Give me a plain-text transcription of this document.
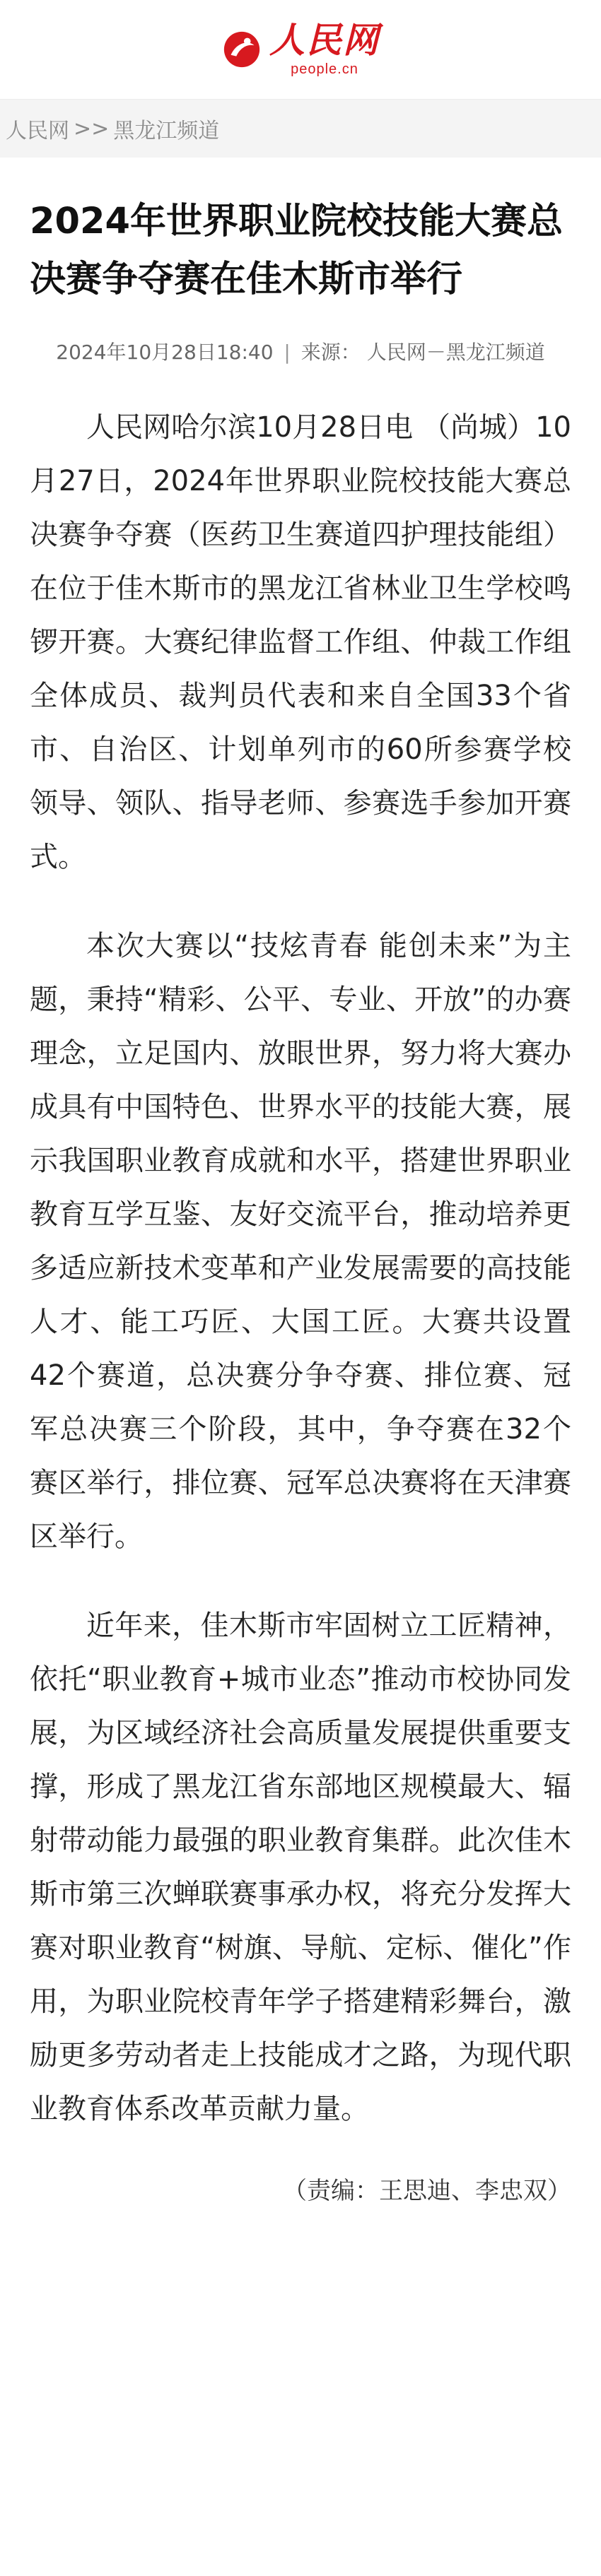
人民网
people.cn
人民网 >> 黑龙江频道
2024年世界职业院校技能大赛总决赛争夺赛在佳木斯市举行
2024年10月28日18:40 | 来源： 人民网－黑龙江频道

人民网哈尔滨10月28日电 （尚城）10月27日，2024年世界职业院校技能大赛总决赛争夺赛（医药卫生赛道四护理技能组）在位于佳木斯市的黑龙江省林业卫生学校鸣锣开赛。大赛纪律监督工作组、仲裁工作组全体成员、裁判员代表和来自全国33个省市、自治区、计划单列市的60所参赛学校领导、领队、指导老师、参赛选手参加开赛式。

本次大赛以“技炫青春 能创未来”为主题，秉持“精彩、公平、专业、开放”的办赛理念，立足国内、放眼世界，努力将大赛办成具有中国特色、世界水平的技能大赛，展示我国职业教育成就和水平，搭建世界职业教育互学互鉴、友好交流平台，推动培养更多适应新技术变革和产业发展需要的高技能人才、能工巧匠、大国工匠。大赛共设置42个赛道，总决赛分争夺赛、排位赛、冠军总决赛三个阶段，其中，争夺赛在32个赛区举行，排位赛、冠军总决赛将在天津赛区举行。

近年来，佳木斯市牢固树立工匠精神，依托“职业教育+城市业态”推动市校协同发展，为区域经济社会高质量发展提供重要支撑，形成了黑龙江省东部地区规模最大、辐射带动能力最强的职业教育集群。此次佳木斯市第三次蝉联赛事承办权，将充分发挥大赛对职业教育“树旗、导航、定标、催化”作用，为职业院校青年学子搭建精彩舞台，激励更多劳动者走上技能成才之路，为现代职业教育体系改革贡献力量。

（责编：王思迪、李忠双）
